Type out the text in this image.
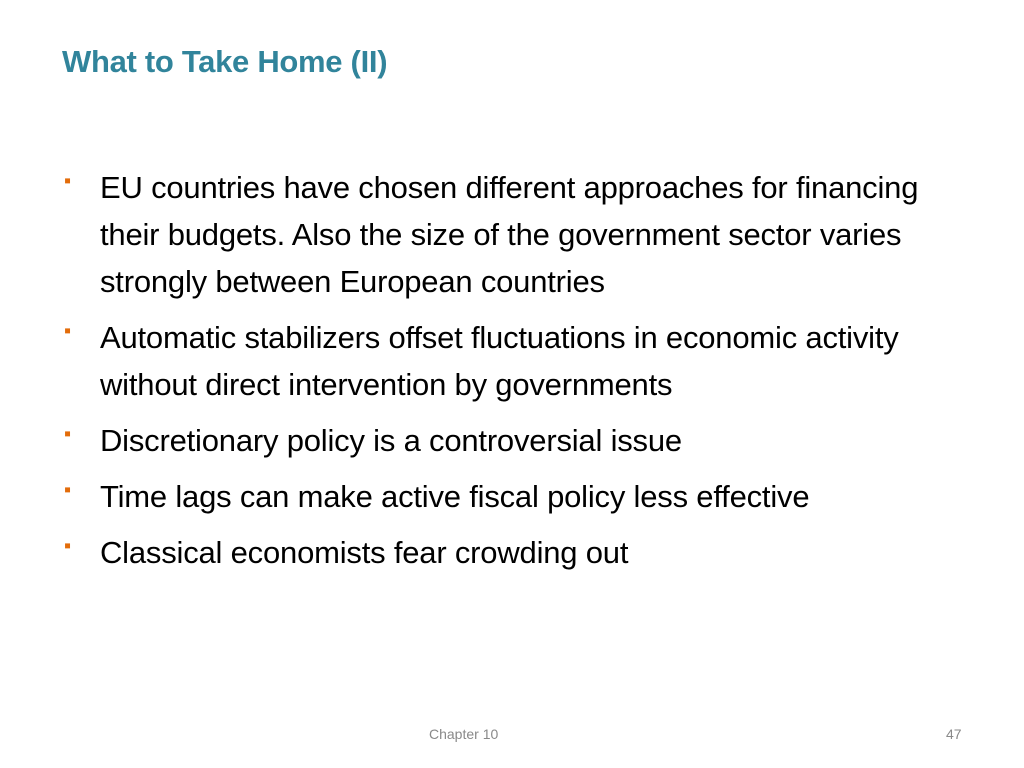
What to Take Home (II)
▪ EU countries have chosen different approaches for financing their budgets. Also the size of the government sector varies strongly between European countries
▪ Automatic stabilizers offset fluctuations in economic activity without direct intervention by governments
▪ Discretionary policy is a controversial issue
▪ Time lags can make active fiscal policy less effective
▪ Classical economists fear crowding out
Chapter 10	47
